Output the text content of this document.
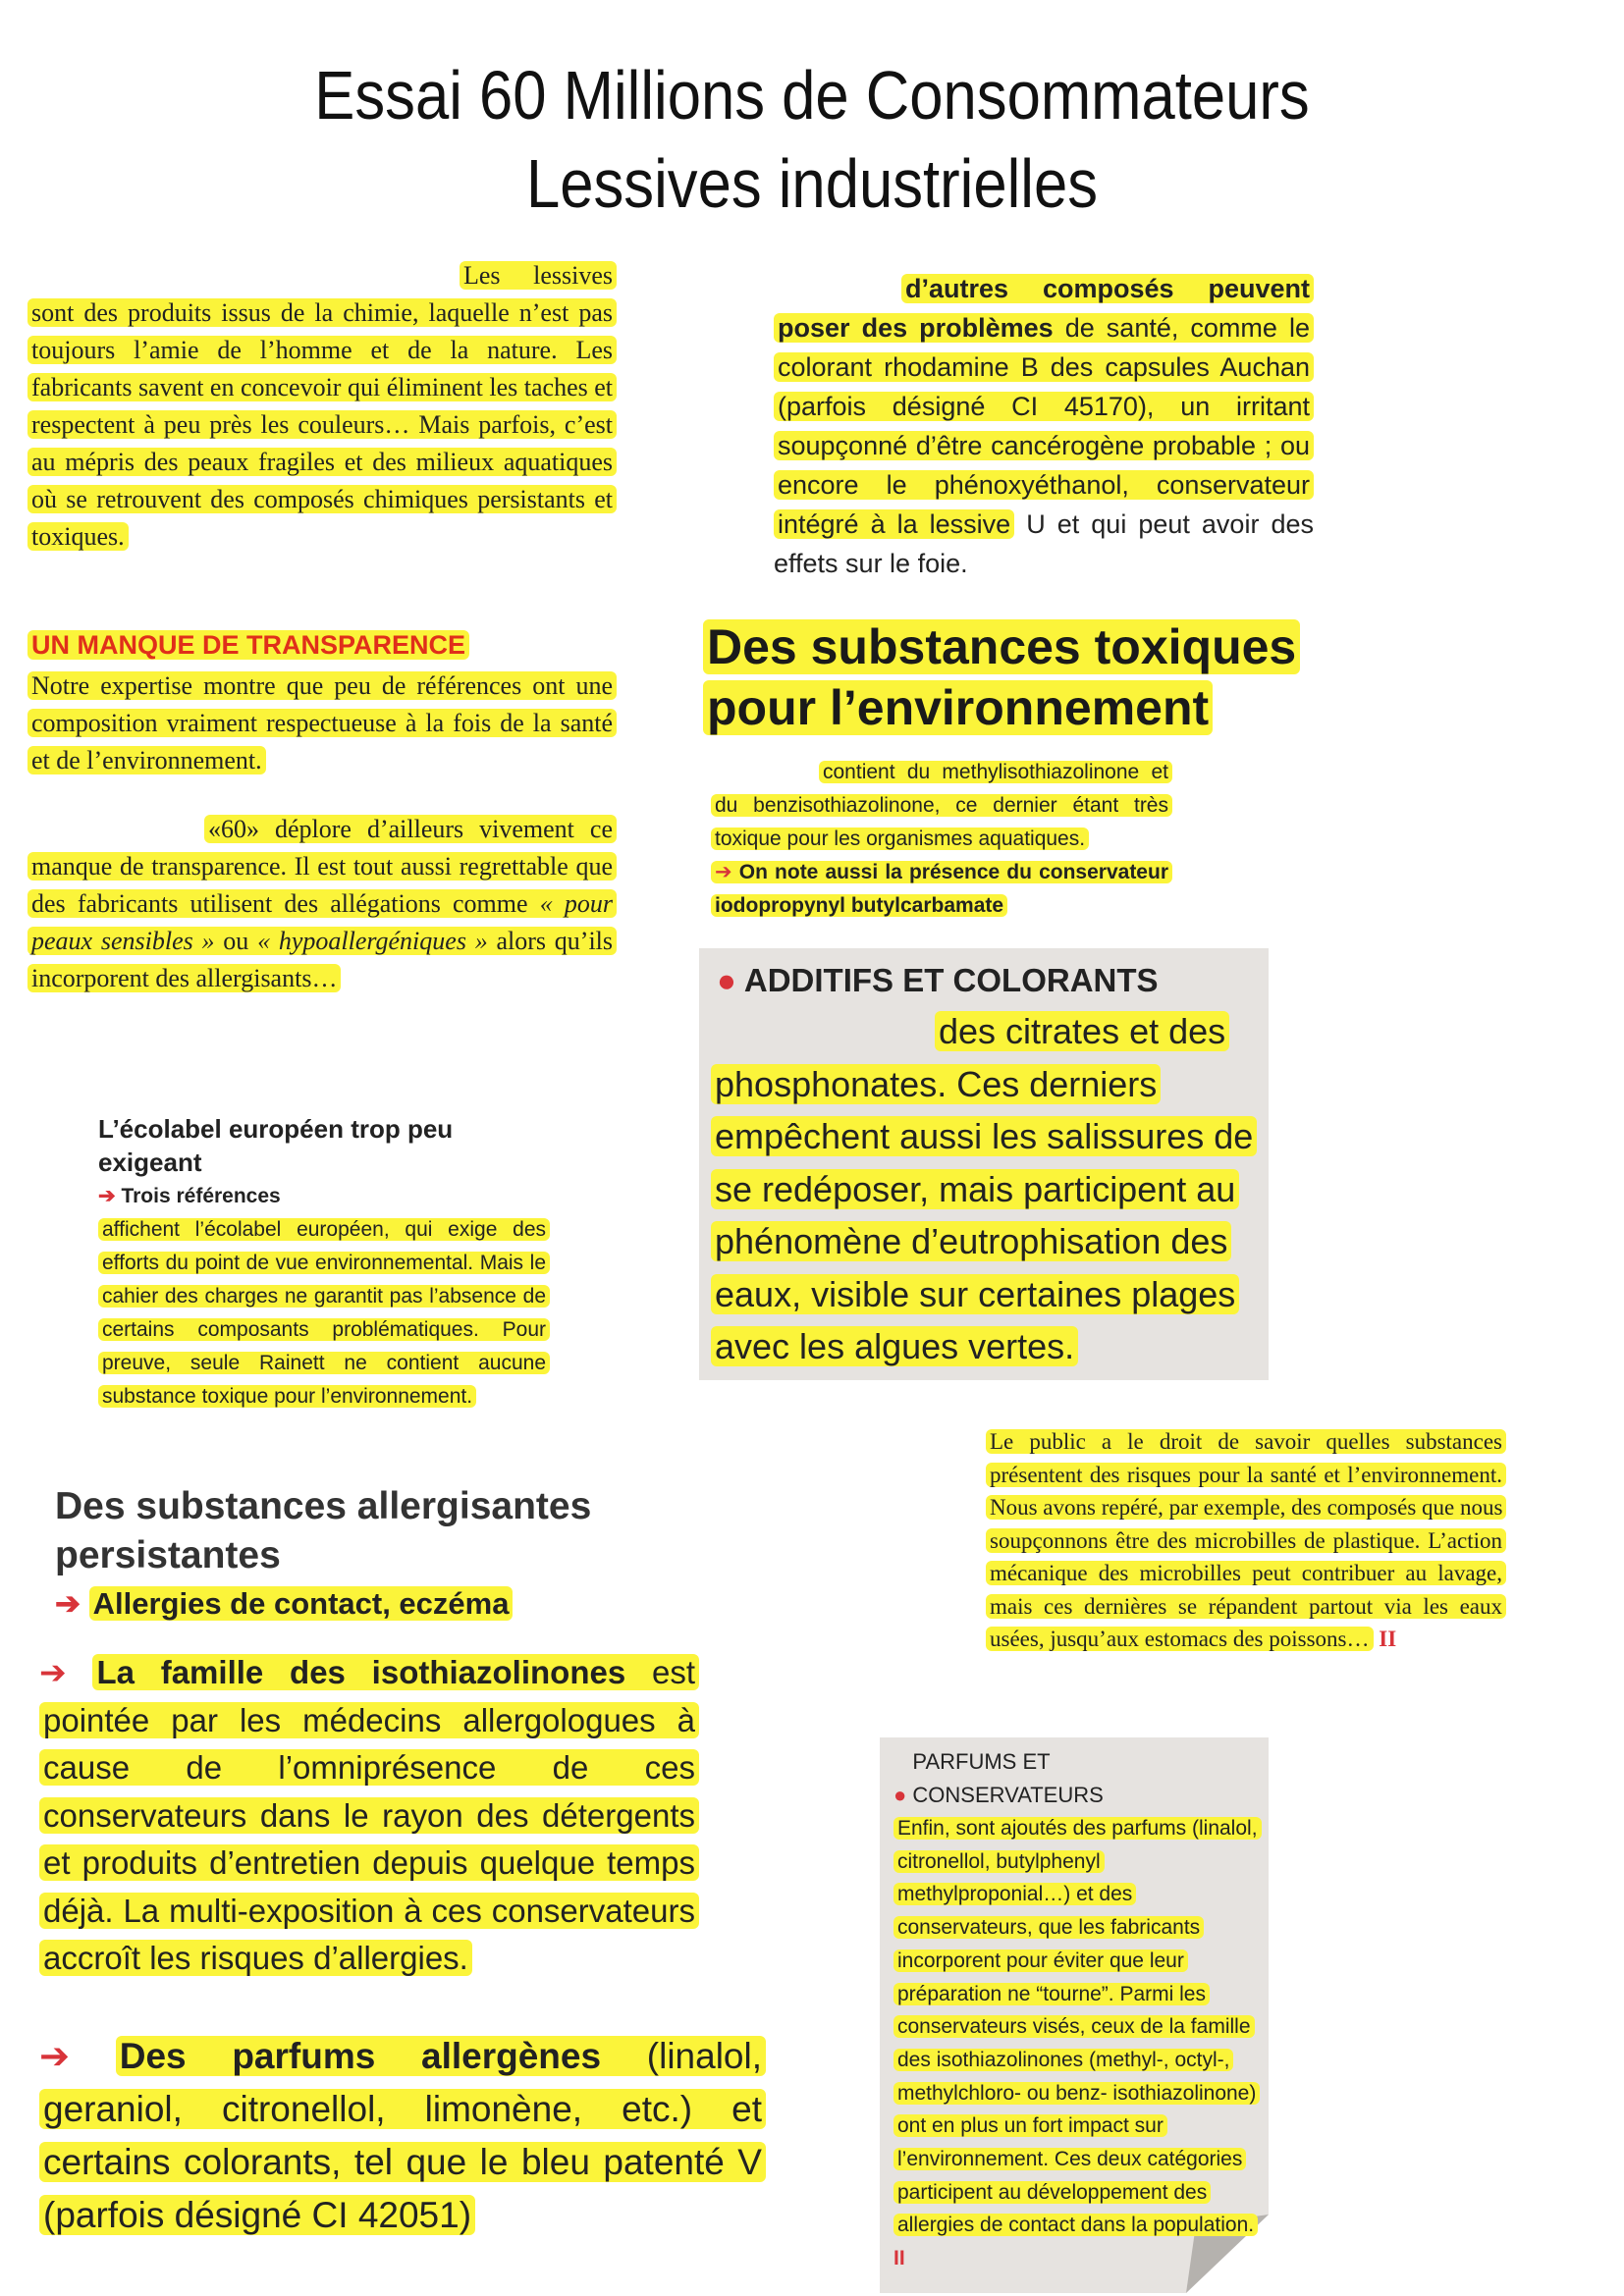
Essai 60 Millions de Consommateurs
Lessives industrielles

Les lessives sont des produits issus de la chimie, laquelle n’est pas toujours l’amie de l’homme et de la nature. Les fabricants savent en concevoir qui éliminent les taches et respectent à peu près les couleurs… Mais parfois, c’est au mépris des peaux fragiles et des milieux aquatiques où se retrouvent des composés chimiques persistants et toxiques.

UN MANQUE DE TRANSPARENCE

Notre expertise montre que peu de références ont une composition vraiment respectueuse à la fois de la santé et de l’environnement.

«60» déplore d’ailleurs vivement ce manque de transparence. Il est tout aussi regrettable que des fabricants utilisent des allégations comme « pour peaux sensibles » ou « hypoallergéniques » alors qu’ils incorporent des allergisants…

L’écolabel européen trop peu exigeant
➔ Trois références

affichent l’écolabel européen, qui exige des efforts du point de vue environnemental. Mais le cahier des charges ne garantit pas l’absence de certains composants problématiques. Pour preuve, seule Rainett ne contient aucune substance toxique pour l’environnement.

Des substances allergisantes persistantes
➔ Allergies de contact, eczéma

➔ La famille des isothiazolinones est pointée par les médecins allergologues à cause de l’omniprésence de ces conservateurs dans le rayon des détergents et produits d’entretien depuis quelque temps déjà. La multi-exposition à ces conservateurs accroît les risques d’allergies.

➔ Des parfums allergènes (linalol, geraniol, citronellol, limonène, etc.) et certains colorants, tel que le bleu patenté V (parfois désigné CI 42051)

d’autres composés peuvent poser des problèmes de santé, comme le colorant rhodamine B des capsules Auchan (parfois désigné CI 45170), un irritant soupçonné d’être cancérogène probable ; ou encore le phénoxyéthanol, conservateur intégré à la lessive U et qui peut avoir des effets sur le foie.

Des substances toxiques pour l’environnement

contient du methylisothiazolinone et du benzisothiazolinone, ce dernier étant très toxique pour les organismes aquatiques.

➔ On note aussi la présence du conservateur iodopropynyl butylcarbamate

● ADDITIFS ET COLORANTS

des citrates et des phosphonates. Ces derniers empêchent aussi les salissures de se redéposer, mais participent au phénomène d’eutrophisation des eaux, visible sur certaines plages avec les algues vertes.

Le public a le droit de savoir quelles substances présentent des risques pour la santé et l’environnement. Nous avons repéré, par exemple, des composés que nous soupçonnons être des microbilles de plastique. L’action mécanique des microbilles peut contribuer au lavage, mais ces dernières se répandent partout via les eaux usées, jusqu’aux estomacs des poissons… II

● PARFUMS ET CONSERVATEURS

Enfin, sont ajoutés des parfums (linalol, citronellol, butylphenyl methylproponial…) et des conservateurs, que les fabricants incorporent pour éviter que leur préparation ne “tourne”. Parmi les conservateurs visés, ceux de la famille des isothiazolinones (methyl-, octyl-, methylchloro- ou benz- isothiazolinone) ont en plus un fort impact sur l’environnement. Ces deux catégories participent au développement des allergies de contact dans la population. II
